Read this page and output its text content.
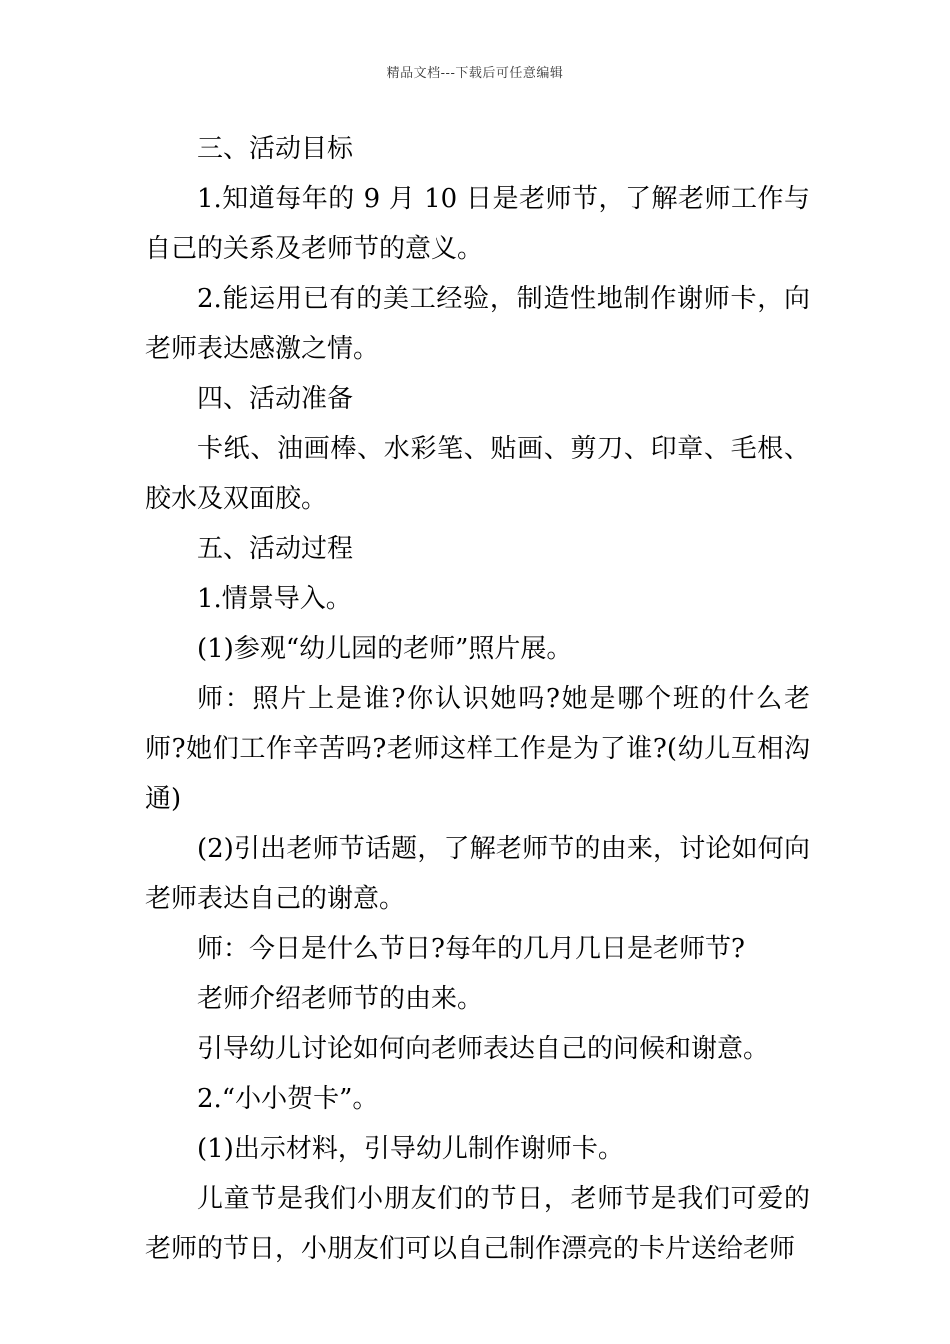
精品文档---下载后可任意编辑

三、活动目标

1.知道每年的 9 月 10 日是老师节，了解老师工作与自己的关系及老师节的意义。

2.能运用已有的美工经验，制造性地制作谢师卡，向老师表达感激之情。

四、活动准备

卡纸、油画棒、水彩笔、贴画、剪刀、印章、毛根、胶水及双面胶。

五、活动过程

1.情景导入。

(1)参观“幼儿园的老师”照片展。

师：照片上是谁?你认识她吗?她是哪个班的什么老师?她们工作辛苦吗?老师这样工作是为了谁?(幼儿互相沟通)

(2)引出老师节话题，了解老师节的由来，讨论如何向老师表达自己的谢意。

师：今日是什么节日?每年的几月几日是老师节?

老师介绍老师节的由来。

引导幼儿讨论如何向老师表达自己的问候和谢意。

2.“小小贺卡”。

(1)出示材料，引导幼儿制作谢师卡。

儿童节是我们小朋友们的节日，老师节是我们可爱的老师的节日，小朋友们可以自己制作漂亮的卡片送给老师
